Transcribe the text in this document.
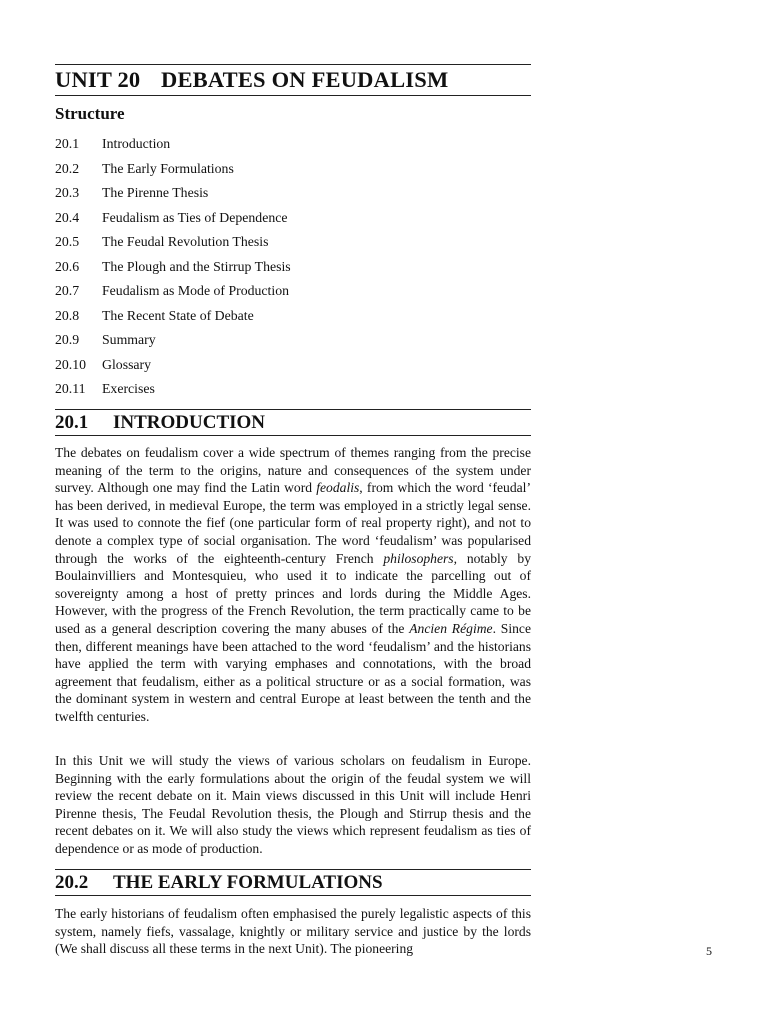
UNIT 20 DEBATES ON FEUDALISM
Structure
20.1 Introduction
20.2 The Early Formulations
20.3 The Pirenne Thesis
20.4 Feudalism as Ties of Dependence
20.5 The Feudal Revolution Thesis
20.6 The Plough and the Stirrup Thesis
20.7 Feudalism as Mode of Production
20.8 The Recent State of Debate
20.9 Summary
20.10 Glossary
20.11 Exercises
20.1 INTRODUCTION

The debates on feudalism cover a wide spectrum of themes ranging from the precise meaning of the term to the origins, nature and consequences of the system under survey. Although one may find the Latin word feodalis, from which the word ‘feudal’ has been derived, in medieval Europe, the term was employed in a strictly legal sense. It was used to connote the fief (one particular form of real property right), and not to denote a complex type of social organisation. The word ‘feudalism’ was popularised through the works of the eighteenth-century French philosophers, notably by Boulainvilliers and Montesquieu, who used it to indicate the parcelling out of sovereignty among a host of pretty princes and lords during the Middle Ages. However, with the progress of the French Revolution, the term practically came to be used as a general description covering the many abuses of the Ancien Régime. Since then, different meanings have been attached to the word ‘feudalism’ and the historians have applied the term with varying emphases and connotations, with the broad agreement that feudalism, either as a political structure or as a social formation, was the dominant system in western and central Europe at least between the tenth and the twelfth centuries.

In this Unit we will study the views of various scholars on feudalism in Europe. Beginning with the early formulations about the origin of the feudal system we will review the recent debate on it. Main views discussed in this Unit will include Henri Pirenne thesis, The Feudal Revolution thesis, the Plough and Stirrup thesis and the recent debates on it. We will also study the views which represent feudalism as ties of dependence or as mode of production.

20.2 THE EARLY FORMULATIONS

The early historians of feudalism often emphasised the purely legalistic aspects of this system, namely fiefs, vassalage, knightly or military service and justice by the lords (We shall discuss all these terms in the next Unit). The pioneering	5
